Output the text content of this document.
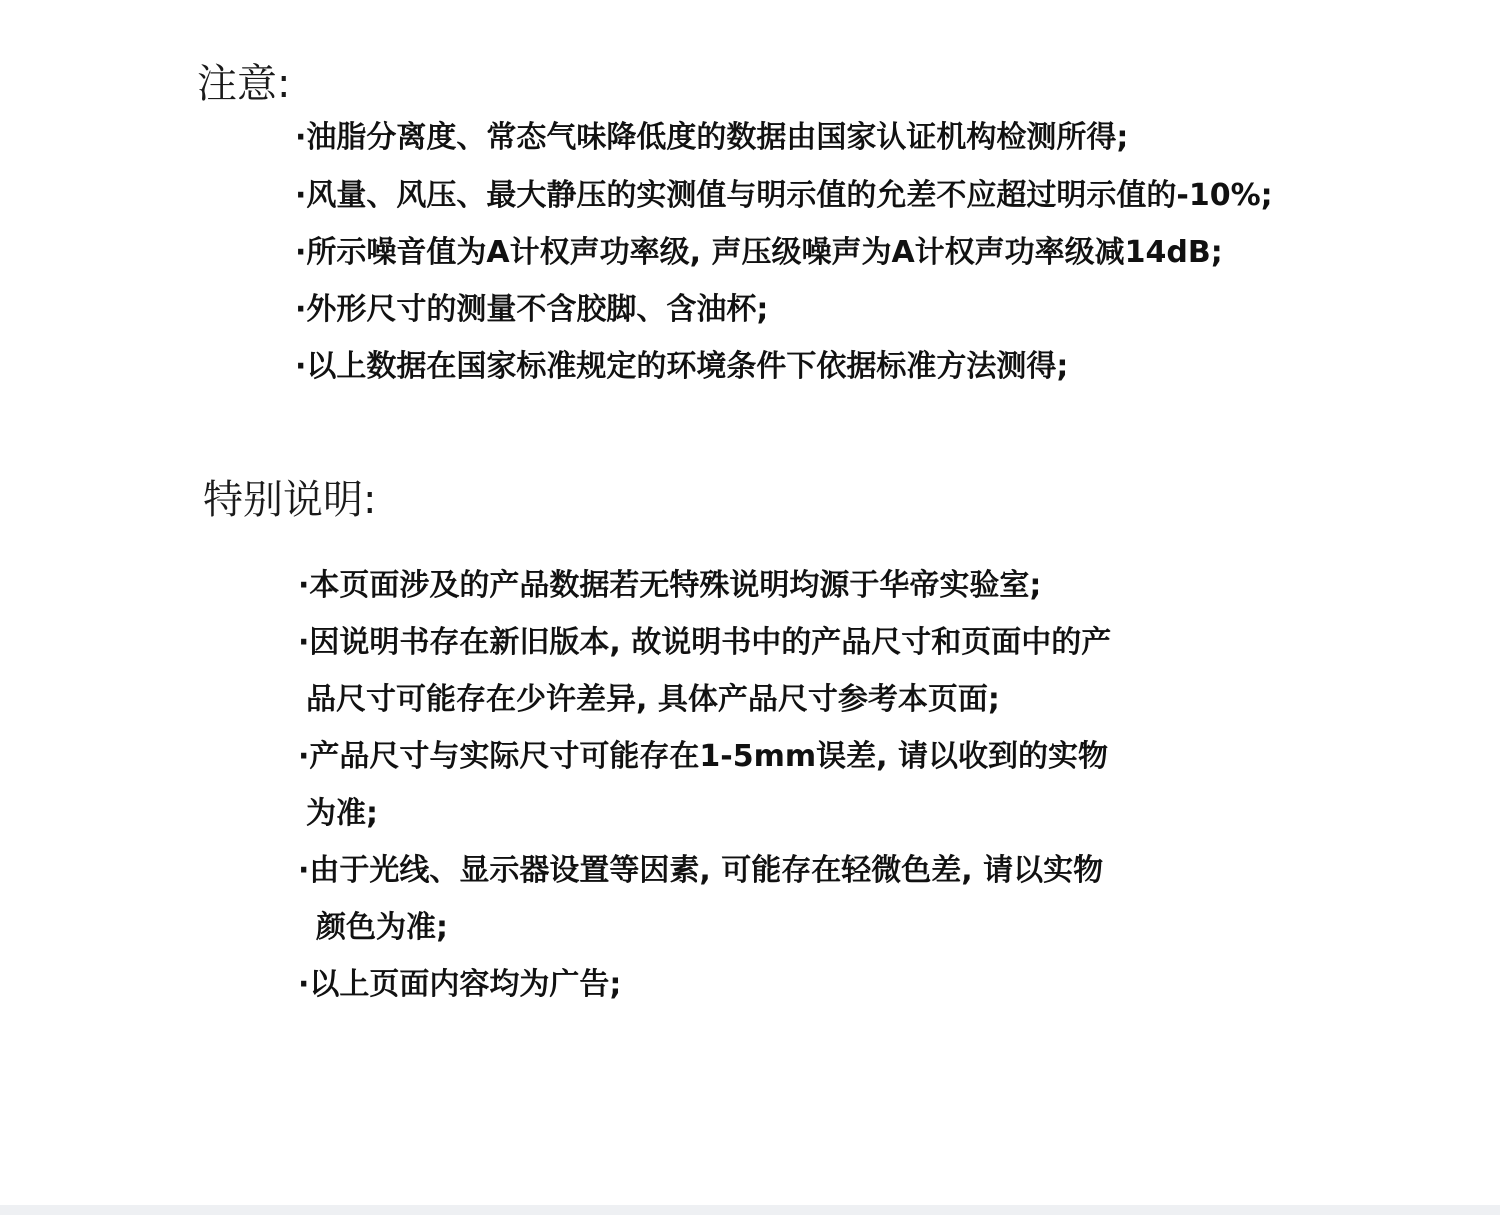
注意:
·油脂分离度、常态气味降低度的数据由国家认证机构检测所得;
·风量、风压、最大静压的实测值与明示值的允差不应超过明示值的-10%;
·所示噪音值为A计权声功率级, 声压级噪声为A计权声功率级减14dB;
·外形尺寸的测量不含胶脚、含油杯;
·以上数据在国家标准规定的环境条件下依据标准方法测得;
特别说明:
·本页面涉及的产品数据若无特殊说明均源于华帝实验室;
·因说明书存在新旧版本, 故说明书中的产品尺寸和页面中的产
品尺寸可能存在少许差异, 具体产品尺寸参考本页面;
·产品尺寸与实际尺寸可能存在1-5mm误差, 请以收到的实物
为准;
·由于光线、显示器设置等因素, 可能存在轻微色差, 请以实物
颜色为准;
·以上页面内容均为广告;
